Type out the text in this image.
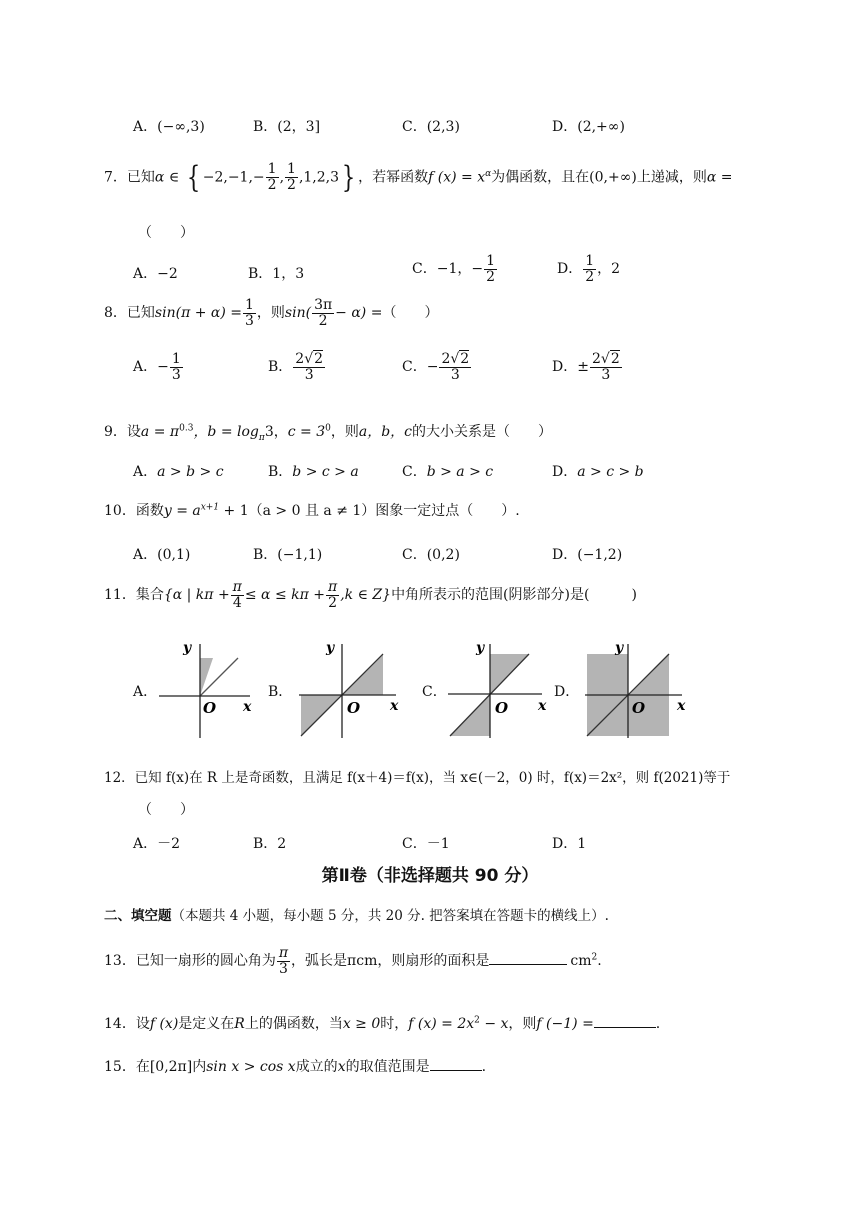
A．(−∞,3)	B．(2，3]	C．(2,3)	D．(2,+∞)
7．已知α ∈ { $-2,-1,- \frac{1}{2}$ , $\frac{1}{2} ,1,2,3$} ，若幂函数f $(x) = x^\alpha$为偶函数，且在(0,+∞)上递减，则α =
（　　）
A．−2	B．1，3	C．−1，− $\frac{1}{2}$	D． $\frac{1}{2}$ ，2
8．已知$\sin(\pi + \alpha) = \frac{1}{3}$ ，则$\sin( \frac{3\pi}{2} - \alpha)$ =（　　）
A．− $\frac{1}{3}$	B． $\frac{2√2}{3}$	C．− $\frac{2√2}{3}$	D．± $\frac{2√2}{3}$
9．设$a = \pi^{0.3}$，$b = \log_\pi 3$，$c = 3^0$，则a，b，c的大小关系是（　　）
A．a > b > c	B．b > c > a	C．b > a > c	D．a > c > b
10．函数$y = a^{x+1} + 1(a > 0$ 且 a ≠ 1）图象一定过点（　　）.
A．(0,1)	B．(−1,1)	C．(0,2)	D．(−1,2)
11．集合{α | $k\pi + \frac{\pi}{4} \le \alpha \le k\pi + \frac{\pi}{2} ,k$ ∈ Z}中角所表示的范围(阴影部分)是(　　　)
A．
y
x
O
B．
y
x
O
C．
y
x
O
D．
y
x
O
12．已知 f(x)在 R 上是奇函数，且满足 f(x＋4)＝f(x)，当 x∈(－2，0) 时，f(x)＝2x²，则 f(2021)等于
（　　）
A．－2	B．2	C．－1	D．1
第Ⅱ卷（非选择题共 90 分）
二、填空题（本题共 4 小题，每小题 5 分，共 20 分. 把答案填在答题卡的横线上）.
13．已知一扇形的圆心角为 $\frac{\pi}{3}$ ，弧长是πcm，则扇形的面积是	$cm^2$.
14．设f (x)是定义在R上的偶函数，当x ≥ 0时，f $(x) = 2x^2 - x$，则f (−1) =	.
15．在[0,2π]内sin x > cos x成立的x的取值范围是	.
